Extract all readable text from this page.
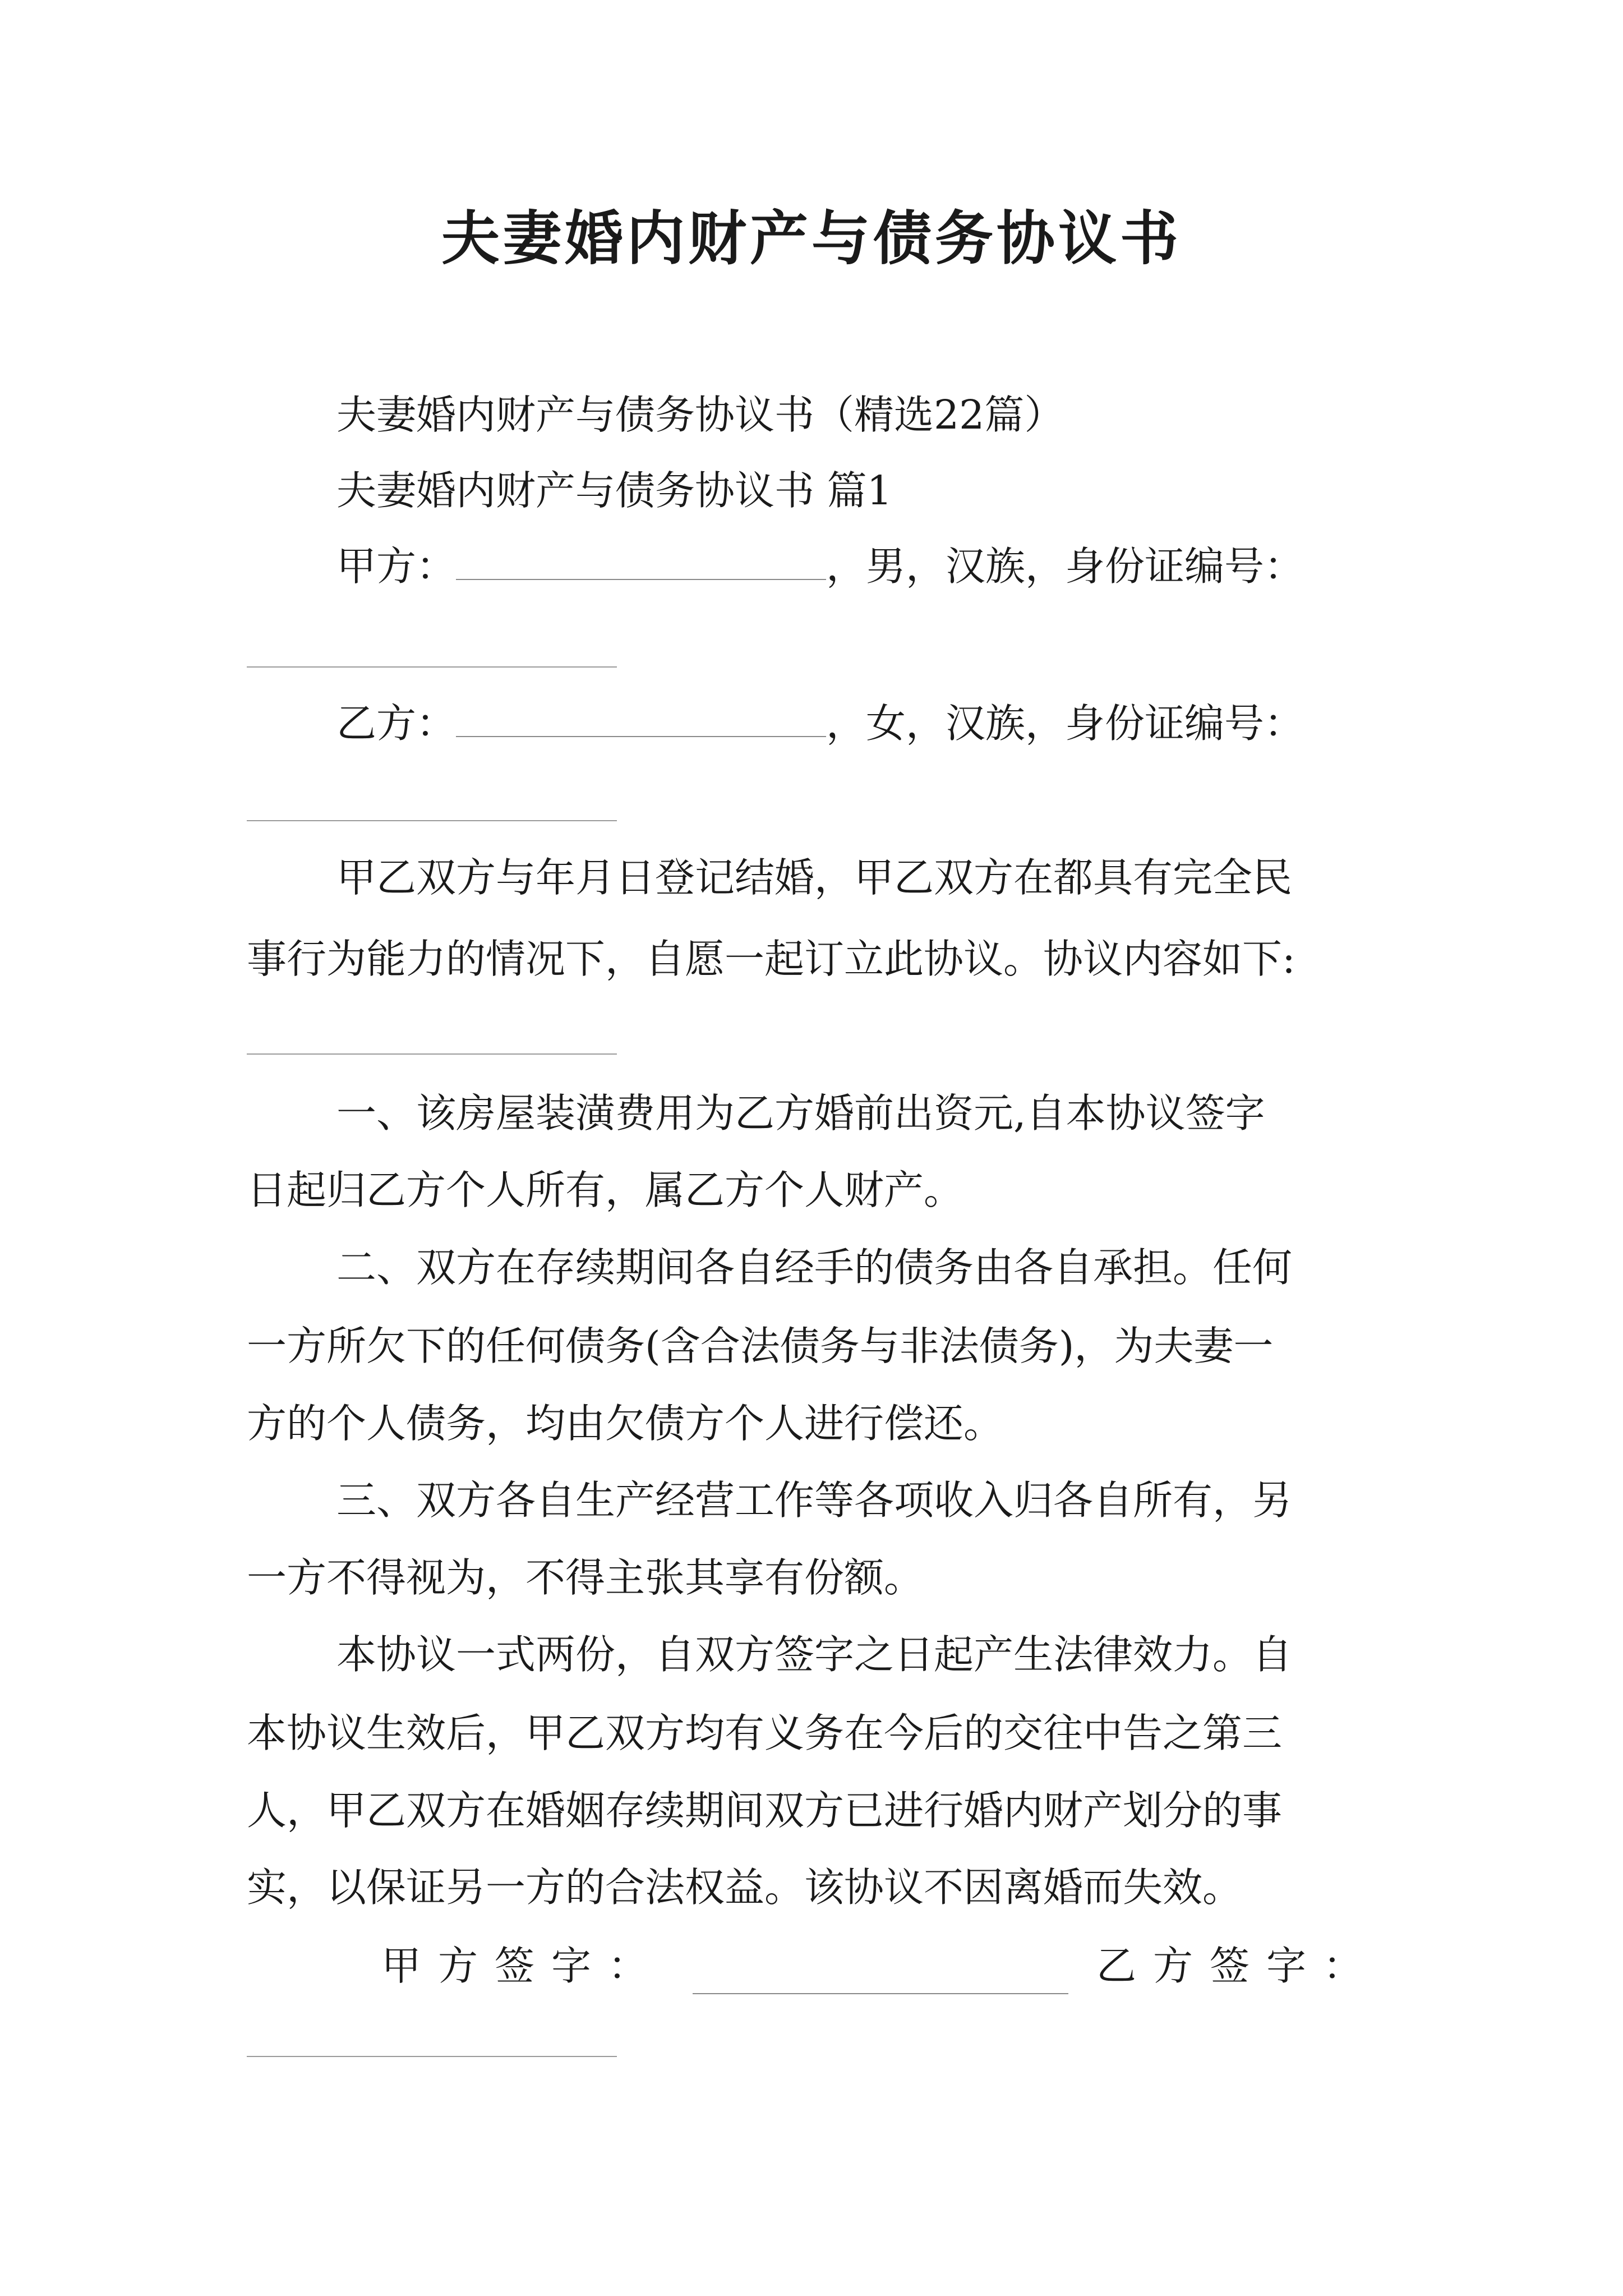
夫妻婚内财产与债务协议书
夫妻婚内财产与债务协议书（精选22篇）
夫妻婚内财产与债务协议书 篇1
甲方：	，男，汉族，身份证编号：
乙方：	，女，汉族，身份证编号：
甲乙双方与年月日登记结婚，甲乙双方在都具有完全民
事行为能力的情况下，自愿一起订立此协议。协议内容如下:
一、该房屋装潢费用为乙方婚前出资元,自本协议签字
日起归乙方个人所有，属乙方个人财产。
二、双方在存续期间各自经手的债务由各自承担。任何
一方所欠下的任何债务(含合法债务与非法债务)，为夫妻一
方的个人债务，均由欠债方个人进行偿还。
三、双方各自生产经营工作等各项收入归各自所有，另
一方不得视为，不得主张其享有份额。
本协议一式两份，自双方签字之日起产生法律效力。自
本协议生效后，甲乙双方均有义务在今后的交往中告之第三
人，甲乙双方在婚姻存续期间双方已进行婚内财产划分的事
实，以保证另一方的合法权益。该协议不因离婚而失效。
甲方签字：	乙方签字：
